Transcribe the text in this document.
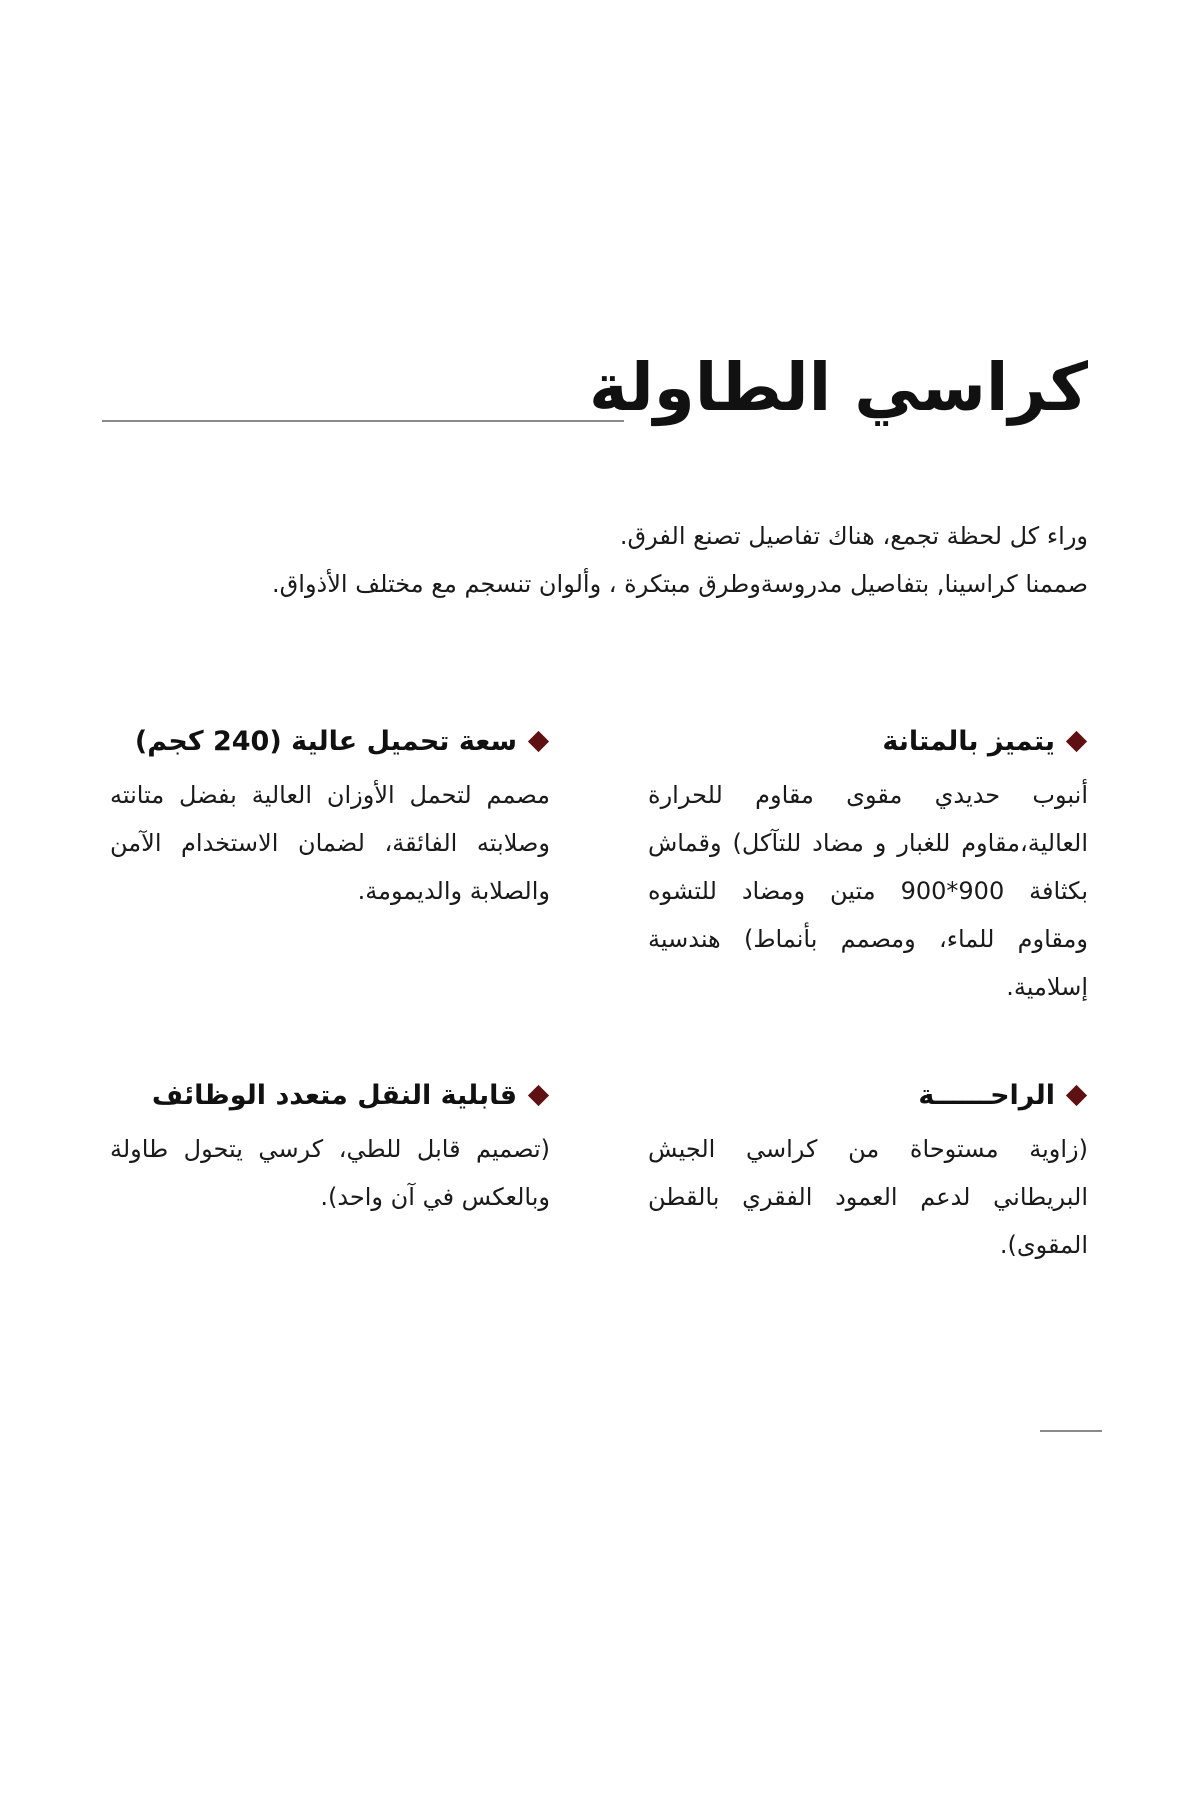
كراسي الطاولة

وراء كل لحظة تجمع، هناك تفاصيل تصنع الفرق.

صممنا كراسينا, بتفاصيل مدروسةوطرق مبتكرة ، وألوان تنسجم مع مختلف الأذواق.

يتميز بالمتانة

أنبوب حديدي مقوى مقاوم للحرارة العالية،مقاوم للغبار و مضاد للتآكل) وقماش بكثافة 900*900 متين ومضاد للتشوه ومقاوم للماء، ومصمم بأنماط) هندسية إسلامية.

سعة تحميل عالية (240 كجم)

مصمم لتحمل الأوزان العالية بفضل متانته وصلابته الفائقة، لضمان الاستخدام الآمن والصلابة والديمومة.

الراحــــــة

(زاوية مستوحاة من كراسي الجيش البريطاني لدعم العمود الفقري بالقطن المقوى).

قابلية النقل متعدد الوظائف

(تصميم قابل للطي، كرسي يتحول طاولة وبالعكس في آن واحد).
